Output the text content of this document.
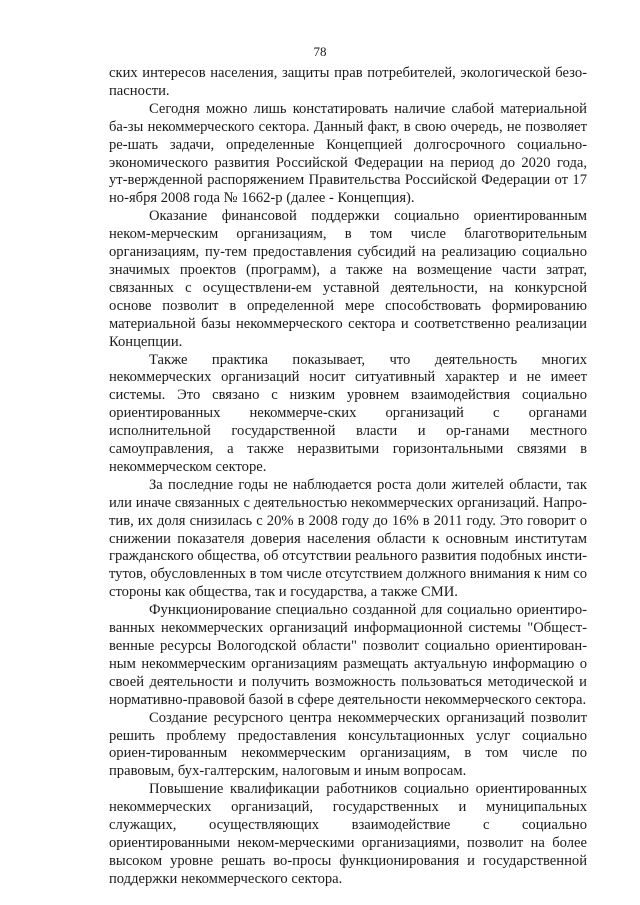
78

ских интересов населения, защиты прав потребителей, экологической безо-пасности.

Сегодня можно лишь констатировать наличие слабой материальной ба-зы некоммерческого сектора. Данный факт, в свою очередь, не позволяет ре-шать задачи, определенные Концепцией долгосрочного социально-экономического развития Российской Федерации на период до 2020 года, ут-вержденной распоряжением Правительства Российской Федерации от 17 но-ября 2008 года № 1662-р (далее - Концепция).

Оказание финансовой поддержки социально ориентированным неком-мерческим организациям, в том числе благотворительным организациям, пу-тем предоставления субсидий на реализацию социально значимых проектов (программ), а также на возмещение части затрат, связанных с осуществлени-ем уставной деятельности, на конкурсной основе позволит в определенной мере способствовать формированию материальной базы некоммерческого сектора и соответственно реализации Концепции.

Также практика показывает, что деятельность многих некоммерческих организаций носит ситуативный характер и не имеет системы. Это связано с низким уровнем взаимодействия социально ориентированных некоммерче-ских организаций с органами исполнительной государственной власти и ор-ганами местного самоуправления, а также неразвитыми горизонтальными связями в некоммерческом секторе.

За последние годы не наблюдается роста доли жителей области, так или иначе связанных с деятельностью некоммерческих организаций. Напро-тив, их доля снизилась с 20% в 2008 году до 16% в 2011 году. Это говорит о снижении показателя доверия населения области к основным институтам гражданского общества, об отсутствии реального развития подобных инсти-тутов, обусловленных в том числе отсутствием должного внимания к ним со стороны как общества, так и государства, а также СМИ.

Функционирование специально созданной для социально ориентиро-ванных некоммерческих организаций информационной системы "Общест-венные ресурсы Вологодской области" позволит социально ориентирован-ным некоммерческим организациям размещать актуальную информацию о своей деятельности и получить возможность пользоваться методической и нормативно-правовой базой в сфере деятельности некоммерческого сектора.

Создание ресурсного центра некоммерческих организаций позволит решить проблему предоставления консультационных услуг социально ориен-тированным некоммерческим организациям, в том числе по правовым, бух-галтерским, налоговым и иным вопросам.

Повышение квалификации работников социально ориентированных некоммерческих организаций, государственных и муниципальных служащих, осуществляющих взаимодействие с социально ориентированными неком-мерческими организациями, позволит на более высоком уровне решать во-просы функционирования и государственной поддержки некоммерческого сектора.
